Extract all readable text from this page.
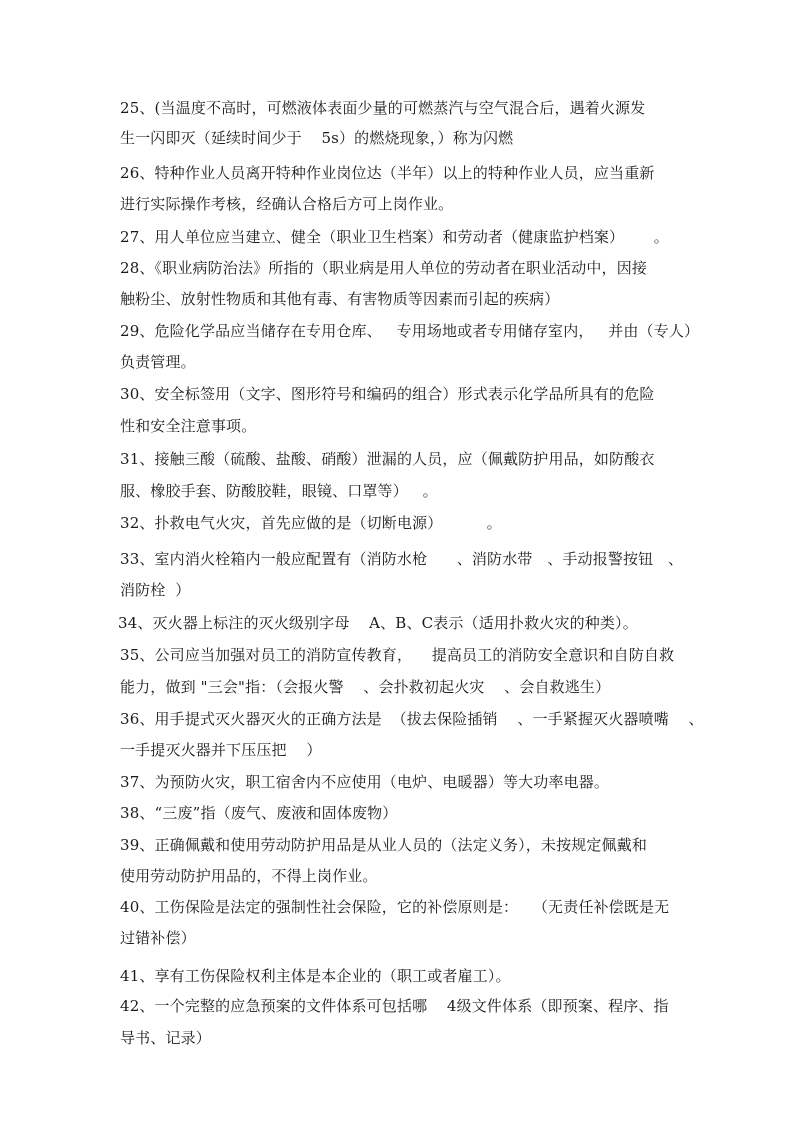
25、(当温度不高时，可燃液体表面少量的可燃蒸汽与空气混合后，遇着火源发
生一闪即灭（延续时间少于    5s）的燃烧现象，）称为闪燃
26、特种作业人员离开特种作业岗位达（半年）以上的特种作业人员，应当重新
进行实际操作考核，经确认合格后方可上岗作业。
27、用人单位应当建立、健全（职业卫生档案）和劳动者（健康监护档案）      。
28、《职业病防治法》所指的（职业病是用人单位的劳动者在职业活动中，因接
触粉尘、放射性物质和其他有毒、有害物质等因素而引起的疾病）
29、危险化学品应当储存在专用仓库、   专用场地或者专用储存室内，   并由（专人）
负责管理。
30、安全标签用（文字、图形符号和编码的组合）形式表示化学品所具有的危险
性和安全注意事项。
31、接触三酸（硫酸、盐酸、硝酸）泄漏的人员，应（佩戴防护用品，如防酸衣
服、橡胶手套、防酸胶鞋，眼镜、口罩等）   。
32、扑救电气火灾，首先应做的是（切断电源）         。
33、室内消火栓箱内一般应配置有（消防水枪      、消防水带   、手动报警按钮   、
消防栓  ）
34、灭火器上标注的灭火级别字母    A、B、C表示（适用扑救火灾的种类）。
35、公司应当加强对员工的消防宣传教育，    提高员工的消防安全意识和自防自救
能力，做到 "三会"指：（会报火警    、会扑救初起火灾    、会自救逃生）
36、用手提式灭火器灭火的正确方法是  （拔去保险插销    、一手紧握灭火器喷嘴    、
一手提灭火器并下压压把    ）
37、为预防火灾，职工宿舍内不应使用（电炉、电暖器）等大功率电器。
38、“三废”指（废气、废液和固体废物）
39、正确佩戴和使用劳动防护用品是从业人员的（法定义务），未按规定佩戴和
使用劳动防护用品的，不得上岗作业。
40、工伤保险是法定的强制性社会保险，它的补偿原则是：   （无责任补偿既是无
过错补偿）
41、享有工伤保险权利主体是本企业的（职工或者雇工）。
42、一个完整的应急预案的文件体系可包括哪    4级文件体系（即预案、程序、指
导书、记录）
